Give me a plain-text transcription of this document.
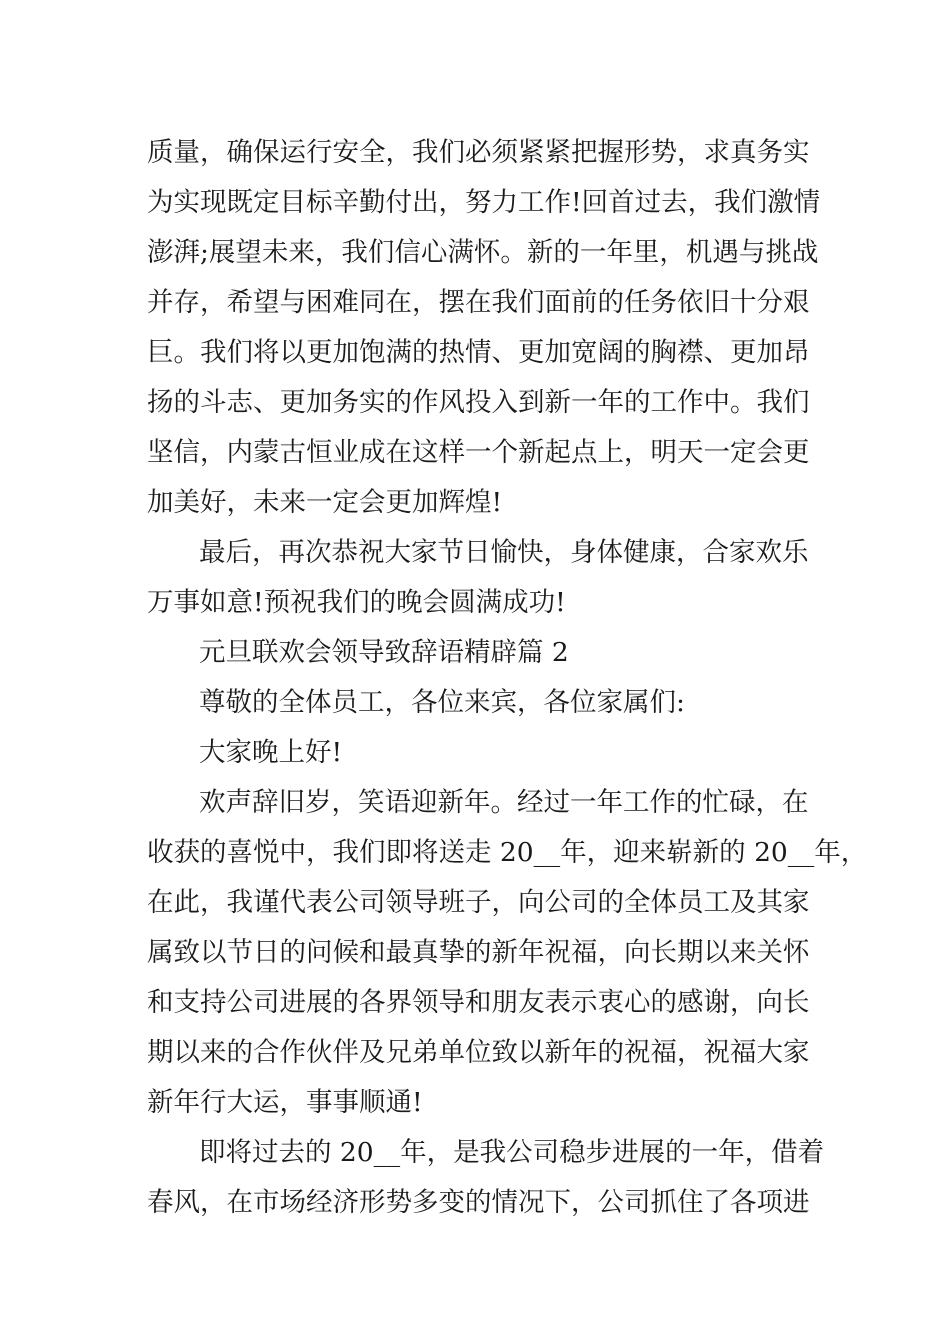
质量，确保运行安全，我们必须紧紧把握形势，求真务实
为实现既定目标辛勤付出，努力工作!回首过去，我们激情
澎湃;展望未来，我们信心满怀。新的一年里，机遇与挑战
并存，希望与困难同在，摆在我们面前的任务依旧十分艰
巨。我们将以更加饱满的热情、更加宽阔的胸襟、更加昂
扬的斗志、更加务实的作风投入到新一年的工作中。我们
坚信，内蒙古恒业成在这样一个新起点上，明天一定会更
加美好，未来一定会更加辉煌!
最后，再次恭祝大家节日愉快，身体健康，合家欢乐
万事如意!预祝我们的晚会圆满成功!
元旦联欢会领导致辞语精辟篇 2
尊敬的全体员工，各位来宾，各位家属们:
大家晚上好!
欢声辞旧岁，笑语迎新年。经过一年工作的忙碌，在
收获的喜悦中，我们即将送走 20__年，迎来崭新的 20__年，
在此，我谨代表公司领导班子，向公司的全体员工及其家
属致以节日的问候和最真挚的新年祝福，向长期以来关怀
和支持公司进展的各界领导和朋友表示衷心的感谢，向长
期以来的合作伙伴及兄弟单位致以新年的祝福，祝福大家
新年行大运，事事顺通!
即将过去的 20__年，是我公司稳步进展的一年，借着
春风，在市场经济形势多变的情况下，公司抓住了各项进
